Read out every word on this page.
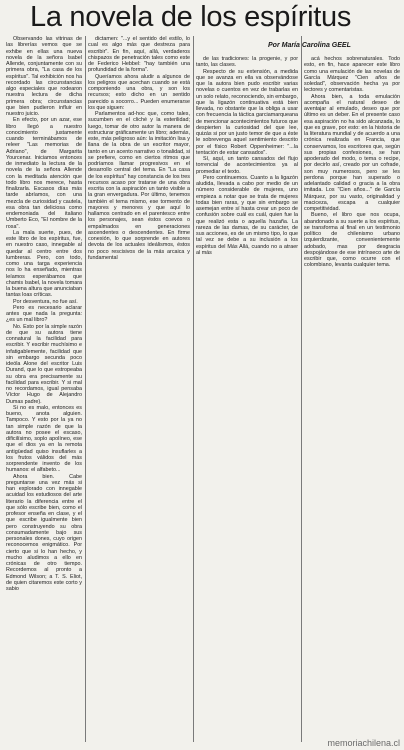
La novela de los espíritus
Por María Carolina GEEL

Observando las vitrinas de las librerías vemos que se exhibe en ellas una nueva novela de la señora Isabel Allende, conjuntamente con su primera obra, "La casa de los espíritus". Tal exhibición nos ha recordado las circunstancias algo especiales que rodearon nuestra lectura de dicha primera obra; circunstancias que bien pudieron influir en nuestro juicio.

En efecto, por un azar, ese libro llegó a nuestro conocimiento justamente cuando terminábamos de releer "Las memorias de Adriano", de Margarita Yourcenar. Iniciamos entonces de inmediato la lectura de la novela de la señora Allende con la meditada atención que todo libro nos merece, hasta finalizarla. Escasos días más tarde abríamos, con una mezcla de curiosidad y cautela, esa obra tan deliciosa como endemoniada del italiano Umberto Eco, "El nombre de la rosa".

La mala suerte, pues, de este libro de los espíritus, fue, en nuestro caso, innegable al quedar al centro entre dos lumbreras. Pero, con todo, como una targa experiencia nos lo ha enseñado, mientras leíamos esperábamos que chamis Isabel, la novela tomara la buena altura que anunciaban tantas loas críticas.

Por desventura, no fue así.

Pero es necesario aclarar antes que nada la pregunta: ¿es un mal libro?

No. Esto por la simple razón de que su autora tiene connatural la facilidad para escribir. Y escribir muchísimo e infatigablemente, facilidad que sin embargo secunda poco ideóla Alone del escritor Luis Durand, que lo que estropeaba su obra era precisamente su facilidad para escribir. Y si mal no recordamos, igual pensaba Víctor Hugo de Alejandro Dumas padre).

Si no es malo, entonces es bueno, anota alguien. Tampoco. Y esto por la ya no tan simple razón de que la autora no posee el escaso, dificilísimo, soplo apolíneo, ese que el dios ya en la remota antigüedad quiso insuflarles a los frutos válidos del más sorprendente invento de los humanos: el alfabeto...

Ahora bien. Cabe preguntarse una vez más si han explorado con innegable acuidad los estudiosos del arte literario la diferencia entre el que sólo escribe bien, como el profesor enseña en clase, y el que escribe igualmente bien pero construyendo su obra consumadamente bajo sus personales dones, cuyo origen reconocemos enigmático. Por cierto que si lo han hecho, y mucho aludimos a ello en crónicas de otro tiempo. Recordemos al pronto a Edmond Wilson; a T. S. Eliot, de quien citaremos este corto y sabio

dictamen: "...y el sentido del estilo, lo cual es algo más que destreza para escribir". En fin, aquí, allá, verdaderos chispazos de penetración tales como este de Federico Hebbel: "hay también una profundidad de la forma".

Queríamos ahora aludir a algunos de los peligros que acechan cuando se está componiendo una obra, y son los recursos; esto dicho en un sentido parecido a socorro... Pueden enumerarse los que siguen:

Parlamentos ad-hoc que, como tales, sucumben en el cliché y la esterilidad; luego, tomar de otro autor la manera de estructurar gráficamente un libro; además, este, más peligroso aún: la imitación lisa y llana de la obra de un escritor mayor, tanto en un acento narrativo o tonalidad, si se prefiere, como en ciertos ritmos que podríamos llamar progresivos en el desarrollo central del tema. En "La casa de los espíritus" hay constancia de los tres recursos acaso por tratarse de una obra escrita con la aspiración un tanto visible a la gran envergadura. Por último, tenemos también el tema mismo, ese tormento de mayores y menores y que aquí lo hallamos centrado en el parentesco entre los personajes, sean éstos coevos o empalmados en generaciones ascendentes o descendentes. En firme conexión, lo que sorprende en autores devota de los actuales ideálismos, éstos no poco rescisivos de la más arcaica y fundamental

de las tradiciones: la progenie, y por tanto, las clases.

Respecto de su extensión, a medida que se avanza en ella va observándose que la autora bien pudo escribir varias novelas o cuentos en vez de trabarlas en un solo relato, reconociendo, sin embargo, que la ligazón continuativa está bien llevada, no obstante que la obliga a usar con frecuencia la táctica garciamarqueana de mencionar acontecimientos futuros que despierten la curiosidad del que lee, quizás si por un justo temor de que a éste le sobrevenga aquel sentimiento descrito por el físico Robert Oppenheimer: "...la tentación de estar cansados".

Sí, aquí, un tanto cansados del flujo torrencial de acontecimientos ya al promediar el texto.

Pero continuemos. Cuanto a la ligazón aludida, llevada a cabo por medio de un número considerable de mujeres, uno empieza a notar que se trata de mujeres todas bien raras, y que sin embargo se asemejan entre sí hasta crear un poco de confusión sobre cuál es cuál, quien fue la que realizó esta o aquella hazaña. La rareza de las damas, de su carácter, de sus acciones, es de un mismo tipo, lo que tal vez se debe a su inclusión a los espíritus del Más Allá, cuando no a atraer al más

acá hechos sobrenaturales. Todo esto, en fin, hace aparecer este libro como una emulación de las novelas de García Márquez "Cien años de soledad", observación hecha ya por lectores y comentaristas.

Ahora bien, a toda emulación acompaña el natural deseo de aventajar al emulado, deseo que por último es un deber. En el presente caso esa aspiración no ha sido alcanzada, lo que es grave, por esto: en la historia de la literatura mundial y de acuerdo a una crónica realizada en Francia, que conservamos, los escritores que, según sus propias confesiones, se han apoderado del modo, o tema o recipe, por decirlo así, creado por un cofrade, son muy numerosos, pero se les perdona porque han superado o adelantado calidad o gracia a la obra imitada. Los "Cien años..." de García Márquez, por su vasto, originalidad y maciceza, escapa a cualquier competitividad.

Bueno, el libro que nos ocupa, abandonado a su suerte a los espíritus, se transforma al final en un testimonio político de chilenismo urbano izquierdizante, convenientemente adobado, mas por desgracia despojándose de ese intrínseco arte de escribir que, como ocurre con el colombiano, levanta cualquier tema.

memoriachilena.cl
